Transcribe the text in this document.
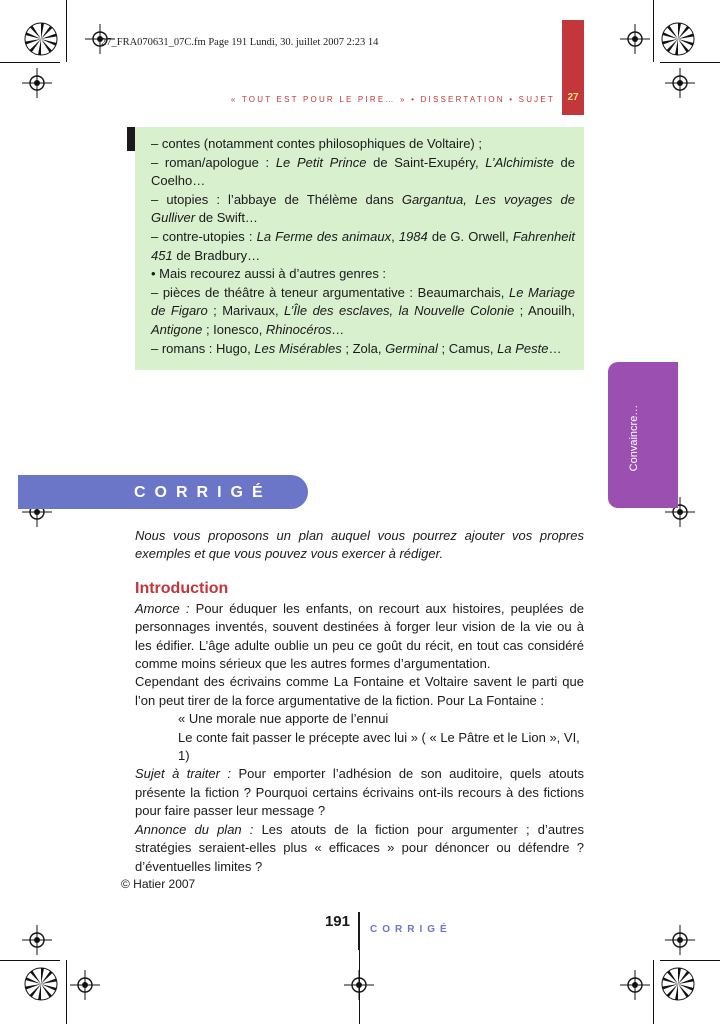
27_FRA070631_07C.fm Page 191 Lundi, 30. juillet 2007 2:23 14
« TOUT EST POUR LE PIRE… » • DISSERTATION • SUJET	27

– contes (notamment contes philosophiques de Voltaire) ;

– roman/apologue : Le Petit Prince de Saint-Exupéry, L’Alchimiste de Coelho…

– utopies : l’abbaye de Thélème dans Gargantua, Les voyages de Gulliver de Swift…

– contre-utopies : La Ferme des animaux, 1984 de G. Orwell, Fahrenheit 451 de Bradbury…

• Mais recourez aussi à d’autres genres :

– pièces de théâtre à teneur argumentative : Beaumarchais, Le Mariage de Figaro ; Marivaux, L’Île des esclaves, la Nouvelle Colonie ; Anouilh, Antigone ; Ionesco, Rhinocéros…

– romans : Hugo, Les Misérables ; Zola, Germinal ; Camus, La Peste…

Convaincre…
CORRIGÉ

Nous vous proposons un plan auquel vous pourrez ajouter vos propres exemples et que vous pouvez vous exercer à rédiger.

Introduction

Amorce : Pour éduquer les enfants, on recourt aux histoires, peuplées de personnages inventés, souvent destinées à forger leur vision de la vie ou à les édifier. L’âge adulte oublie un peu ce goût du récit, en tout cas considéré comme moins sérieux que les autres formes d’argumentation.

Cependant des écrivains comme La Fontaine et Voltaire savent le parti que l’on peut tirer de la force argumentative de la fiction. Pour La Fontaine :

« Une morale nue apporte de l’ennui

Le conte fait passer le précepte avec lui » ( « Le Pâtre et le Lion », VI, 1)

Sujet à traiter : Pour emporter l’adhésion de son auditoire, quels atouts présente la fiction ? Pourquoi certains écrivains ont-ils recours à des fictions pour faire passer leur message ?

Annonce du plan : Les atouts de la fiction pour argumenter ; d’autres stratégies seraient-elles plus « efficaces » pour dénoncer ou défendre ? d’éventuelles limites ?

© Hatier 2007
191 CORRIGÉ
